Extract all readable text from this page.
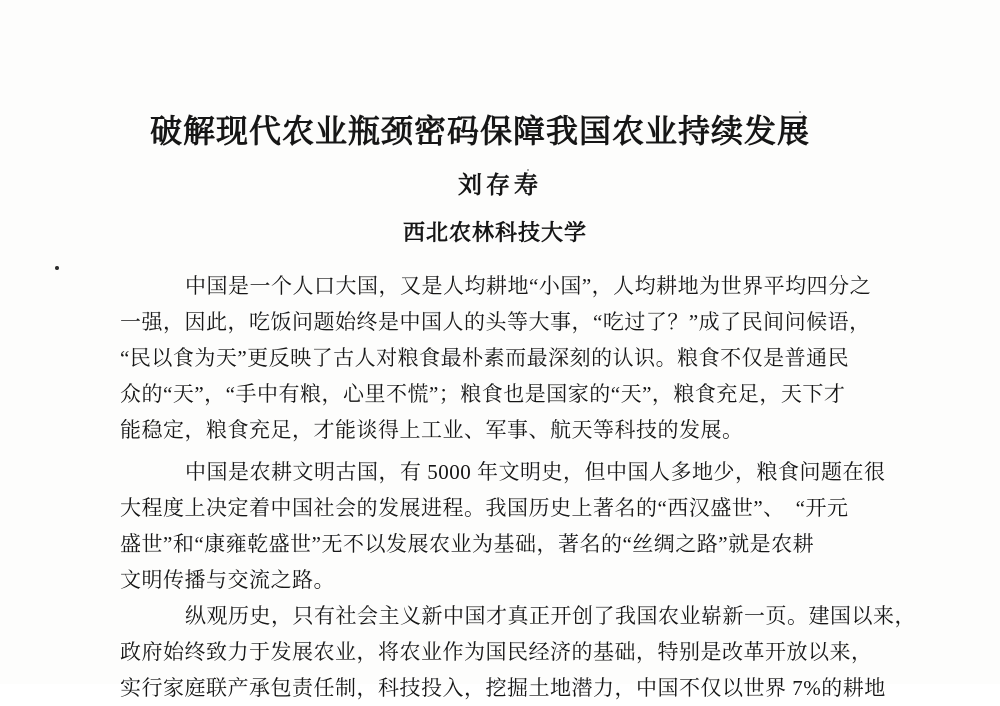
破解现代农业瓶颈密码保障我国农业持续发展
刘存寿
西北农林科技大学

中国是一个人口大国，又是人均耕地“小国”，人均耕地为世界平均四分之
一强，因此，吃饭问题始终是中国人的头等大事，“吃过了？”成了民间问候语，
“民以食为天”更反映了古人对粮食最朴素而最深刻的认识。粮食不仅是普通民
众的“天”，“手中有粮，心里不慌”；粮食也是国家的“天”，粮食充足，天下才
能稳定，粮食充足，才能谈得上工业、军事、航天等科技的发展。

中国是农耕文明古国，有 5000 年文明史，但中国人多地少，粮食问题在很
大程度上决定着中国社会的发展进程。我国历史上著名的“西汉盛世”、　“开元
盛世”和“康雍乾盛世”无不以发展农业为基础，著名的“丝绸之路”就是农耕
文明传播与交流之路。

纵观历史，只有社会主义新中国才真正开创了我国农业崭新一页。建国以来，
政府始终致力于发展农业，将农业作为国民经济的基础，特别是改革开放以来，
实行家庭联产承包责任制，科技投入，挖掘土地潜力，中国不仅以世界 7%的耕地
